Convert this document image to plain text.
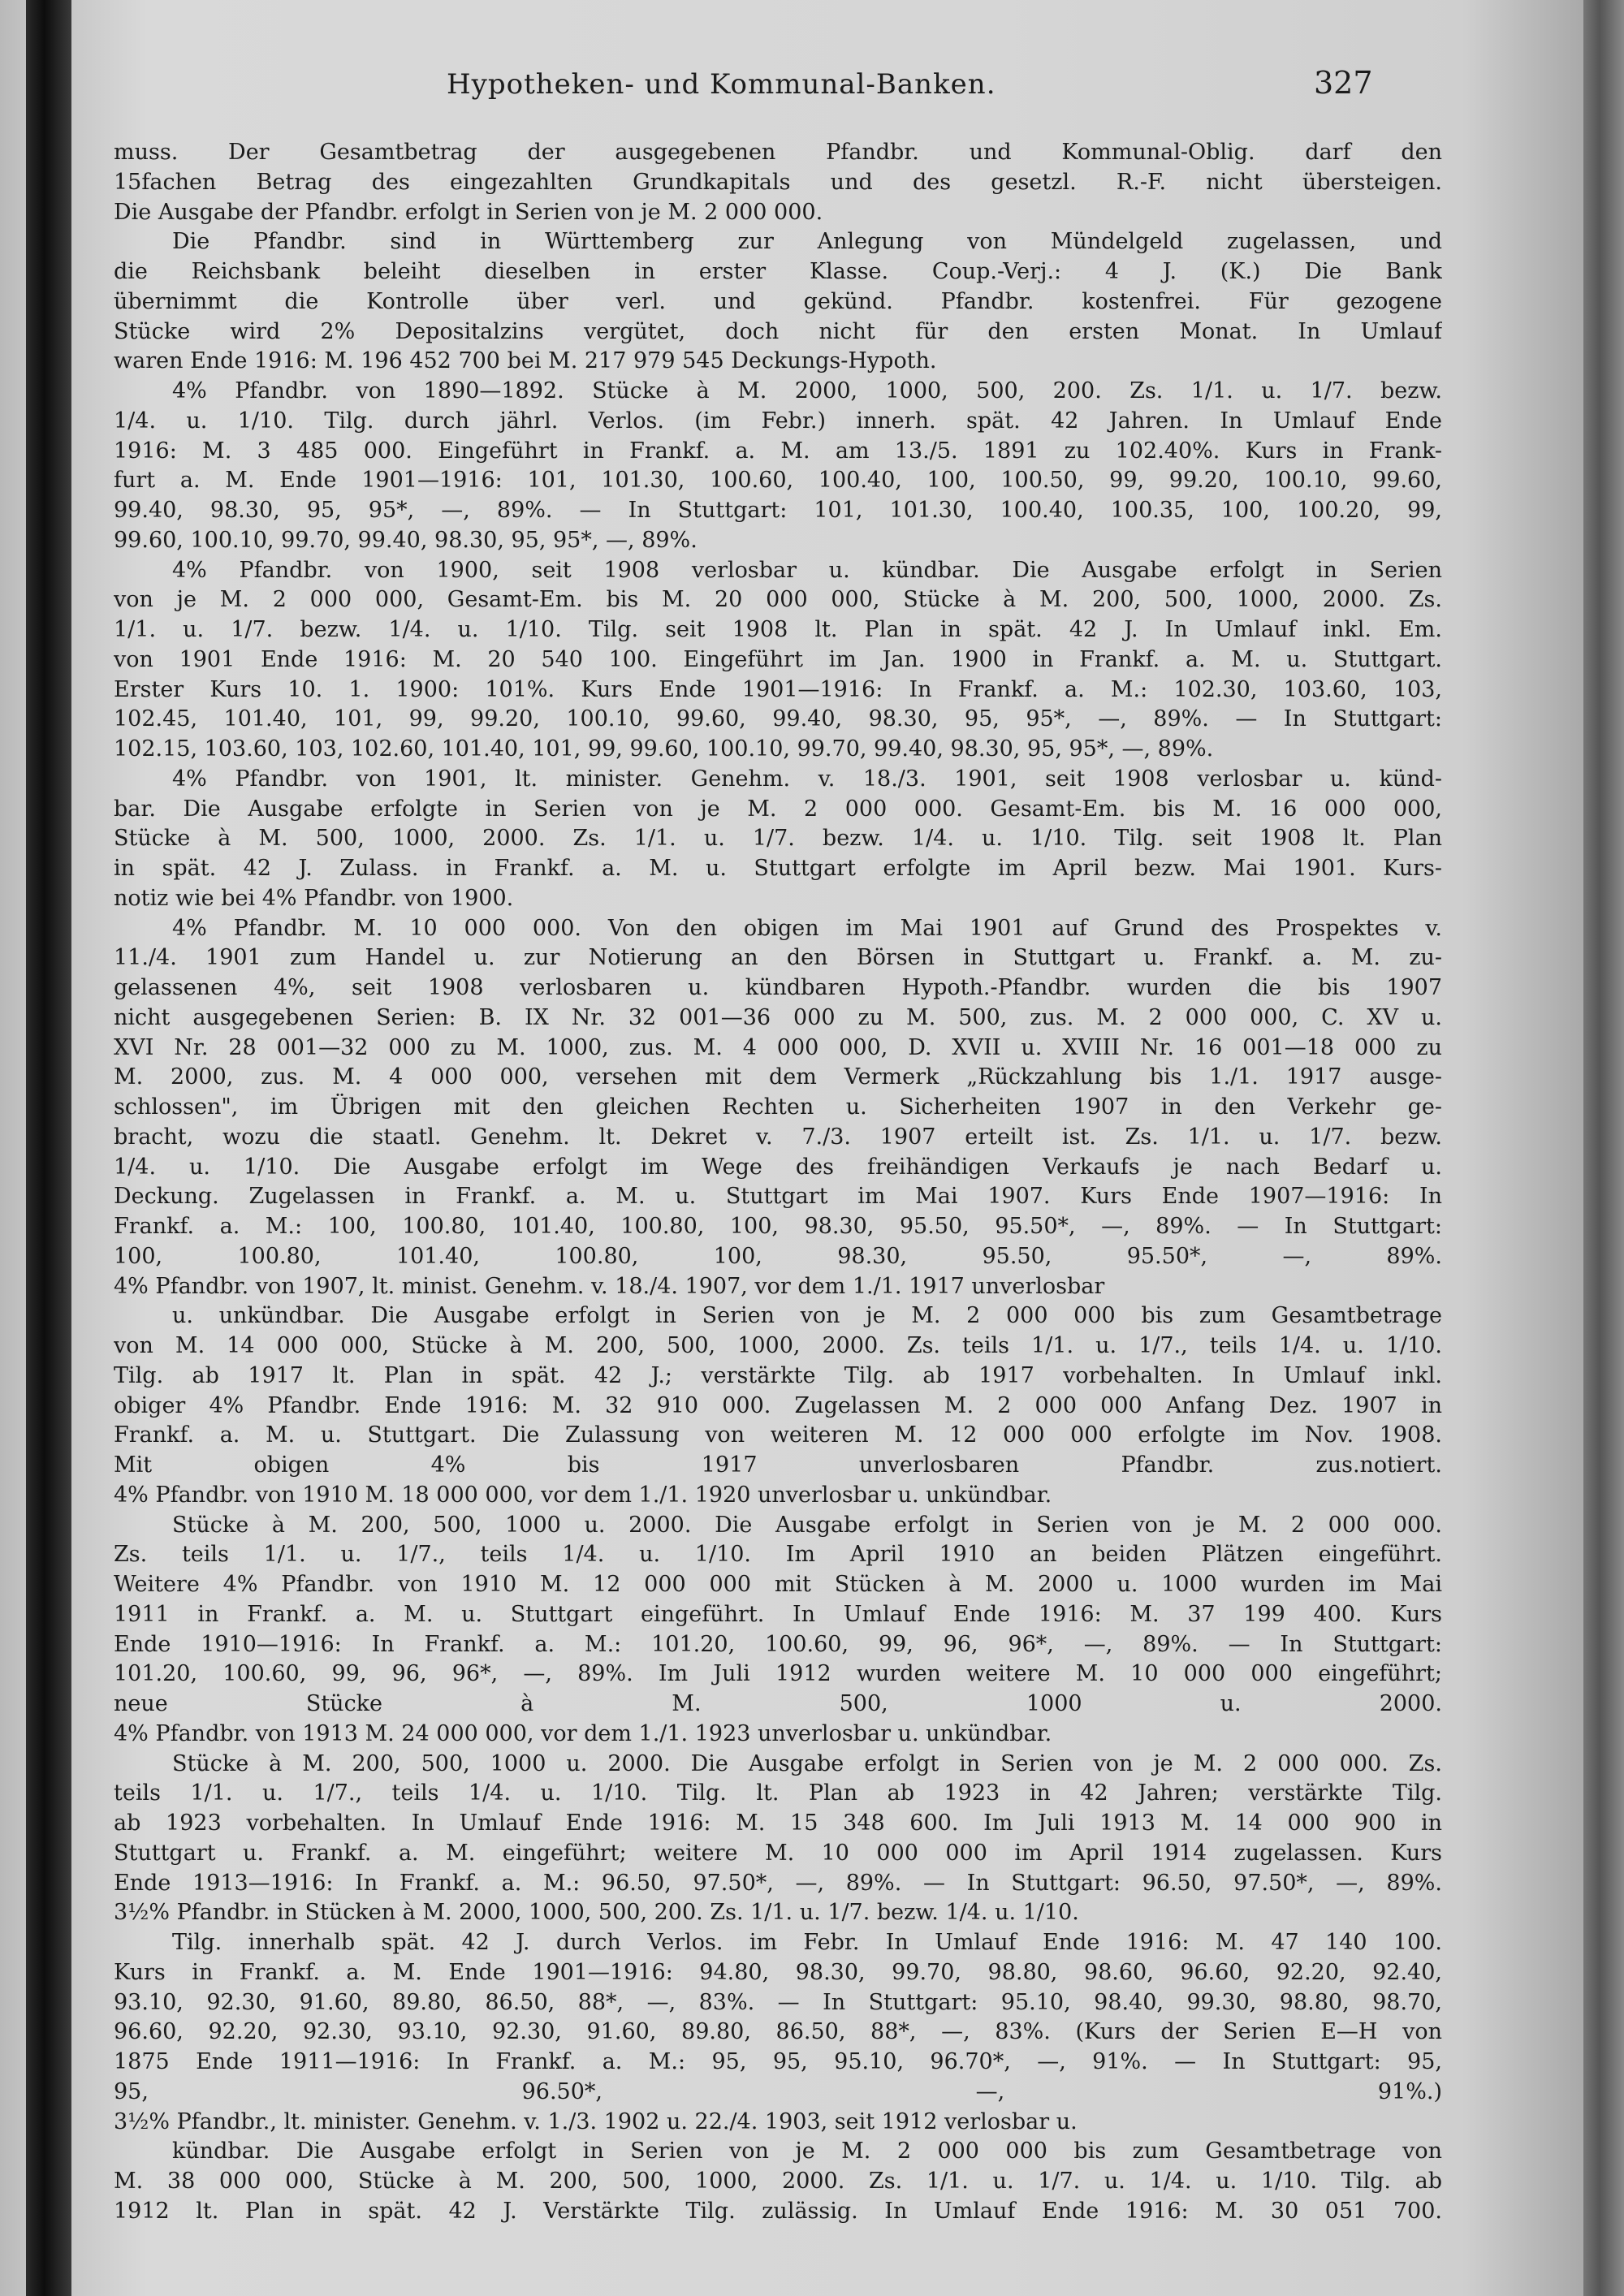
Hypotheken- und Kommunal-Banken.	327
muss. Der Gesamtbetrag der ausgegebenen Pfandbr. und Kommunal-Oblig. darf den
15fachen Betrag des eingezahlten Grundkapitals und des gesetzl. R.-F. nicht übersteigen.
Die Ausgabe der Pfandbr. erfolgt in Serien von je M. 2 000 000.
Die Pfandbr. sind in Württemberg zur Anlegung von Mündelgeld zugelassen, und
die Reichsbank beleiht dieselben in erster Klasse. Coup.-Verj.: 4 J. (K.) Die Bank
übernimmt die Kontrolle über verl. und gekünd. Pfandbr. kostenfrei. Für gezogene
Stücke wird 2% Depositalzins vergütet, doch nicht für den ersten Monat. In Umlauf
waren Ende 1916: M. 196 452 700 bei M. 217 979 545 Deckungs-Hypoth.
4% Pfandbr. von 1890—1892. Stücke à M. 2000, 1000, 500, 200. Zs. 1/1. u. 1/7. bezw.
1/4. u. 1/10. Tilg. durch jährl. Verlos. (im Febr.) innerh. spät. 42 Jahren. In Umlauf Ende
1916: M. 3 485 000. Eingeführt in Frankf. a. M. am 13./5. 1891 zu 102.40%. Kurs in Frank-
furt a. M. Ende 1901—1916: 101, 101.30, 100.60, 100.40, 100, 100.50, 99, 99.20, 100.10, 99.60,
99.40, 98.30, 95, 95*, —, 89%. — In Stuttgart: 101, 101.30, 100.40, 100.35, 100, 100.20, 99,
99.60, 100.10, 99.70, 99.40, 98.30, 95, 95*, —, 89%.
4% Pfandbr. von 1900, seit 1908 verlosbar u. kündbar. Die Ausgabe erfolgt in Serien
von je M. 2 000 000, Gesamt-Em. bis M. 20 000 000, Stücke à M. 200, 500, 1000, 2000. Zs.
1/1. u. 1/7. bezw. 1/4. u. 1/10. Tilg. seit 1908 lt. Plan in spät. 42 J. In Umlauf inkl. Em.
von 1901 Ende 1916: M. 20 540 100. Eingeführt im Jan. 1900 in Frankf. a. M. u. Stuttgart.
Erster Kurs 10. 1. 1900: 101%. Kurs Ende 1901—1916: In Frankf. a. M.: 102.30, 103.60, 103,
102.45, 101.40, 101, 99, 99.20, 100.10, 99.60, 99.40, 98.30, 95, 95*, —, 89%. — In Stuttgart:
102.15, 103.60, 103, 102.60, 101.40, 101, 99, 99.60, 100.10, 99.70, 99.40, 98.30, 95, 95*, —, 89%.
4% Pfandbr. von 1901, lt. minister. Genehm. v. 18./3. 1901, seit 1908 verlosbar u. künd-
bar. Die Ausgabe erfolgte in Serien von je M. 2 000 000. Gesamt-Em. bis M. 16 000 000,
Stücke à M. 500, 1000, 2000. Zs. 1/1. u. 1/7. bezw. 1/4. u. 1/10. Tilg. seit 1908 lt. Plan
in spät. 42 J. Zulass. in Frankf. a. M. u. Stuttgart erfolgte im April bezw. Mai 1901. Kurs-
notiz wie bei 4% Pfandbr. von 1900.
4% Pfandbr. M. 10 000 000. Von den obigen im Mai 1901 auf Grund des Prospektes v.
11./4. 1901 zum Handel u. zur Notierung an den Börsen in Stuttgart u. Frankf. a. M. zu-
gelassenen 4%, seit 1908 verlosbaren u. kündbaren Hypoth.-Pfandbr. wurden die bis 1907
nicht ausgegebenen Serien: B. IX Nr. 32 001—36 000 zu M. 500, zus. M. 2 000 000, C. XV u.
XVI Nr. 28 001—32 000 zu M. 1000, zus. M. 4 000 000, D. XVII u. XVIII Nr. 16 001—18 000 zu
M. 2000, zus. M. 4 000 000, versehen mit dem Vermerk „Rückzahlung bis 1./1. 1917 ausge-
schlossen", im Übrigen mit den gleichen Rechten u. Sicherheiten 1907 in den Verkehr ge-
bracht, wozu die staatl. Genehm. lt. Dekret v. 7./3. 1907 erteilt ist. Zs. 1/1. u. 1/7. bezw.
1/4. u. 1/10. Die Ausgabe erfolgt im Wege des freihändigen Verkaufs je nach Bedarf u.
Deckung. Zugelassen in Frankf. a. M. u. Stuttgart im Mai 1907. Kurs Ende 1907—1916: In
Frankf. a. M.: 100, 100.80, 101.40, 100.80, 100, 98.30, 95.50, 95.50*, —, 89%. — In Stuttgart:
100, 100.80, 101.40, 100.80, 100, 98.30, 95.50, 95.50*, —, 89%.
4% Pfandbr. von 1907, lt. minist. Genehm. v. 18./4. 1907, vor dem 1./1. 1917 unverlosbar
u. unkündbar. Die Ausgabe erfolgt in Serien von je M. 2 000 000 bis zum Gesamtbetrage
von M. 14 000 000, Stücke à M. 200, 500, 1000, 2000. Zs. teils 1/1. u. 1/7., teils 1/4. u. 1/10.
Tilg. ab 1917 lt. Plan in spät. 42 J.; verstärkte Tilg. ab 1917 vorbehalten. In Umlauf inkl.
obiger 4% Pfandbr. Ende 1916: M. 32 910 000. Zugelassen M. 2 000 000 Anfang Dez. 1907 in
Frankf. a. M. u. Stuttgart. Die Zulassung von weiteren M. 12 000 000 erfolgte im Nov. 1908.
Mit obigen 4% bis 1917 unverlosbaren Pfandbr. zus.notiert.
4% Pfandbr. von 1910 M. 18 000 000, vor dem 1./1. 1920 unverlosbar u. unkündbar.
Stücke à M. 200, 500, 1000 u. 2000. Die Ausgabe erfolgt in Serien von je M. 2 000 000.
Zs. teils 1/1. u. 1/7., teils 1/4. u. 1/10. Im April 1910 an beiden Plätzen eingeführt.
Weitere 4% Pfandbr. von 1910 M. 12 000 000 mit Stücken à M. 2000 u. 1000 wurden im Mai
1911 in Frankf. a. M. u. Stuttgart eingeführt. In Umlauf Ende 1916: M. 37 199 400. Kurs
Ende 1910—1916: In Frankf. a. M.: 101.20, 100.60, 99, 96, 96*, —, 89%. — In Stuttgart:
101.20, 100.60, 99, 96, 96*, —, 89%. Im Juli 1912 wurden weitere M. 10 000 000 eingeführt;
neue Stücke à M. 500, 1000 u. 2000.
4% Pfandbr. von 1913 M. 24 000 000, vor dem 1./1. 1923 unverlosbar u. unkündbar.
Stücke à M. 200, 500, 1000 u. 2000. Die Ausgabe erfolgt in Serien von je M. 2 000 000. Zs.
teils 1/1. u. 1/7., teils 1/4. u. 1/10. Tilg. lt. Plan ab 1923 in 42 Jahren; verstärkte Tilg.
ab 1923 vorbehalten. In Umlauf Ende 1916: M. 15 348 600. Im Juli 1913 M. 14 000 900 in
Stuttgart u. Frankf. a. M. eingeführt; weitere M. 10 000 000 im April 1914 zugelassen. Kurs
Ende 1913—1916: In Frankf. a. M.: 96.50, 97.50*, —, 89%. — In Stuttgart: 96.50, 97.50*, —, 89%.
3½% Pfandbr. in Stücken à M. 2000, 1000, 500, 200. Zs. 1/1. u. 1/7. bezw. 1/4. u. 1/10.
Tilg. innerhalb spät. 42 J. durch Verlos. im Febr. In Umlauf Ende 1916: M. 47 140 100.
Kurs in Frankf. a. M. Ende 1901—1916: 94.80, 98.30, 99.70, 98.80, 98.60, 96.60, 92.20, 92.40,
93.10, 92.30, 91.60, 89.80, 86.50, 88*, —, 83%. — In Stuttgart: 95.10, 98.40, 99.30, 98.80, 98.70,
96.60, 92.20, 92.30, 93.10, 92.30, 91.60, 89.80, 86.50, 88*, —, 83%. (Kurs der Serien E—H von
1875 Ende 1911—1916: In Frankf. a. M.: 95, 95, 95.10, 96.70*, —, 91%. — In Stuttgart: 95,
95, 96.50*, —, 91%.)
3½% Pfandbr., lt. minister. Genehm. v. 1./3. 1902 u. 22./4. 1903, seit 1912 verlosbar u.
kündbar. Die Ausgabe erfolgt in Serien von je M. 2 000 000 bis zum Gesamtbetrage von
M. 38 000 000, Stücke à M. 200, 500, 1000, 2000. Zs. 1/1. u. 1/7. u. 1/4. u. 1/10. Tilg. ab
1912 lt. Plan in spät. 42 J. Verstärkte Tilg. zulässig. In Umlauf Ende 1916: M. 30 051 700.
